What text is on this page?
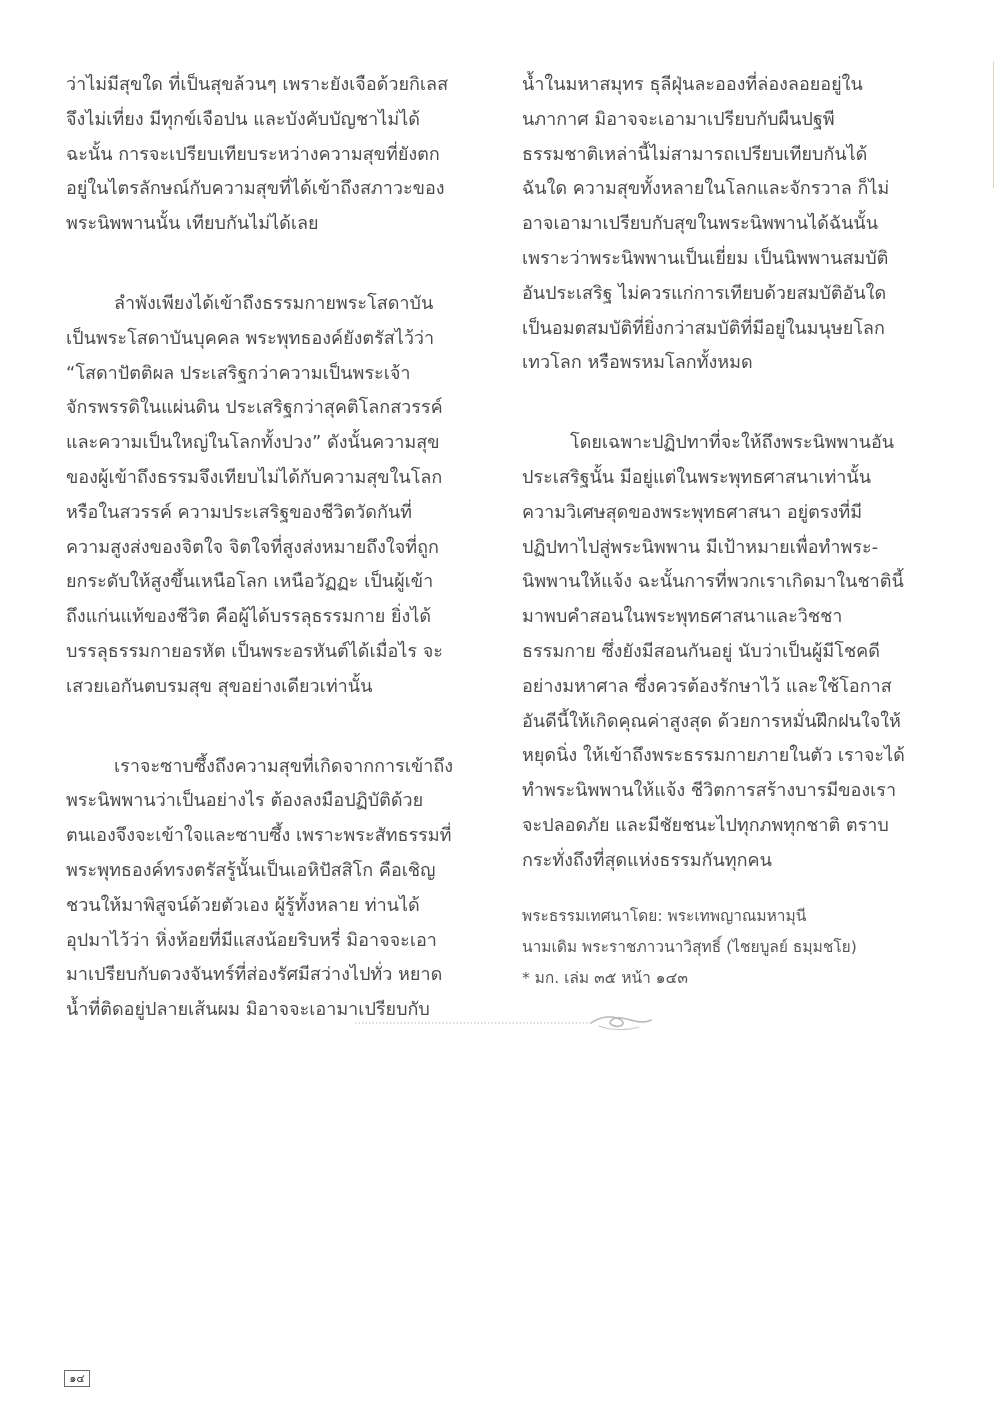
ว่าไม่มีสุขใด ที่เป็นสุขล้วนๆ เพราะยังเจือด้วยกิเลส
จึงไม่เที่ยง มีทุกข์เจือปน และบังคับบัญชาไม่ได้
ฉะนั้น การจะเปรียบเทียบระหว่างความสุขที่ยังตก
อยู่ในไตรลักษณ์กับความสุขที่ได้เข้าถึงสภาวะของ
พระนิพพานนั้น เทียบกันไม่ได้เลย

ลำพังเพียงได้เข้าถึงธรรมกายพระโสดาบัน
เป็นพระโสดาบันบุคคล พระพุทธองค์ยังตรัสไว้ว่า
“โสดาปัตติผล ประเสริฐกว่าความเป็นพระเจ้า
จักรพรรดิในแผ่นดิน ประเสริฐกว่าสุคติโลกสวรรค์
และความเป็นใหญ่ในโลกทั้งปวง” ดังนั้นความสุข
ของผู้เข้าถึงธรรมจึงเทียบไม่ได้กับความสุขในโลก
หรือในสวรรค์ ความประเสริฐของชีวิตวัดกันที่
ความสูงส่งของจิตใจ จิตใจที่สูงส่งหมายถึงใจที่ถูก
ยกระดับให้สูงขึ้นเหนือโลก เหนือวัฏฏะ เป็นผู้เข้า
ถึงแก่นแท้ของชีวิต คือผู้ได้บรรลุธรรมกาย ยิ่งได้
บรรลุธรรมกายอรหัต เป็นพระอรหันต์ได้เมื่อไร จะ
เสวยเอกันตบรมสุข สุขอย่างเดียวเท่านั้น

เราจะซาบซึ้งถึงความสุขที่เกิดจากการเข้าถึง
พระนิพพานว่าเป็นอย่างไร ต้องลงมือปฏิบัติด้วย
ตนเองจึงจะเข้าใจและซาบซึ้ง เพราะพระสัทธรรมที่
พระพุทธองค์ทรงตรัสรู้นั้นเป็นเอหิปัสสิโก คือเชิญ
ชวนให้มาพิสูจน์ด้วยตัวเอง ผู้รู้ทั้งหลาย ท่านได้
อุปมาไว้ว่า หิ่งห้อยที่มีแสงน้อยริบหรี่ มิอาจจะเอา
มาเปรียบกับดวงจันทร์ที่ส่องรัศมีสว่างไปทั่ว หยาด
น้ำที่ติดอยู่ปลายเส้นผม มิอาจจะเอามาเปรียบกับ

น้ำในมหาสมุทร ธุลีฝุ่นละอองที่ล่องลอยอยู่ใน
นภากาศ มิอาจจะเอามาเปรียบกับผืนปฐพี
ธรรมชาติเหล่านี้ไม่สามารถเปรียบเทียบกันได้
ฉันใด ความสุขทั้งหลายในโลกและจักรวาล ก็ไม่
อาจเอามาเปรียบกับสุขในพระนิพพานได้ฉันนั้น
เพราะว่าพระนิพพานเป็นเยี่ยม เป็นนิพพานสมบัติ
อันประเสริฐ ไม่ควรแก่การเทียบด้วยสมบัติอันใด
เป็นอมตสมบัติที่ยิ่งกว่าสมบัติที่มีอยู่ในมนุษยโลก
เทวโลก หรือพรหมโลกทั้งหมด

โดยเฉพาะปฏิปทาที่จะให้ถึงพระนิพพานอัน
ประเสริฐนั้น มีอยู่แต่ในพระพุทธศาสนาเท่านั้น
ความวิเศษสุดของพระพุทธศาสนา อยู่ตรงที่มี
ปฏิปทาไปสู่พระนิพพาน มีเป้าหมายเพื่อทำพระ-
นิพพานให้แจ้ง ฉะนั้นการที่พวกเราเกิดมาในชาตินี้
มาพบคำสอนในพระพุทธศาสนาและวิชชา
ธรรมกาย ซึ่งยังมีสอนกันอยู่ นับว่าเป็นผู้มีโชคดี
อย่างมหาศาล ซึ่งควรต้องรักษาไว้ และใช้โอกาส
อันดีนี้ให้เกิดคุณค่าสูงสุด ด้วยการหมั่นฝึกฝนใจให้
หยุดนิ่ง ให้เข้าถึงพระธรรมกายภายในตัว เราจะได้
ทำพระนิพพานให้แจ้ง ชีวิตการสร้างบารมีของเรา
จะปลอดภัย และมีชัยชนะไปทุกภพทุกชาติ ตราบ
กระทั่งถึงที่สุดแห่งธรรมกันทุกคน

พระธรรมเทศนาโดย: พระเทพญาณมหามุนี
นามเดิม พระราชภาวนาวิสุทธิ์ (ไชยบูลย์ ธมฺมชโย)
* มก. เล่ม ๓๕ หน้า ๑๔๓
๑๔
